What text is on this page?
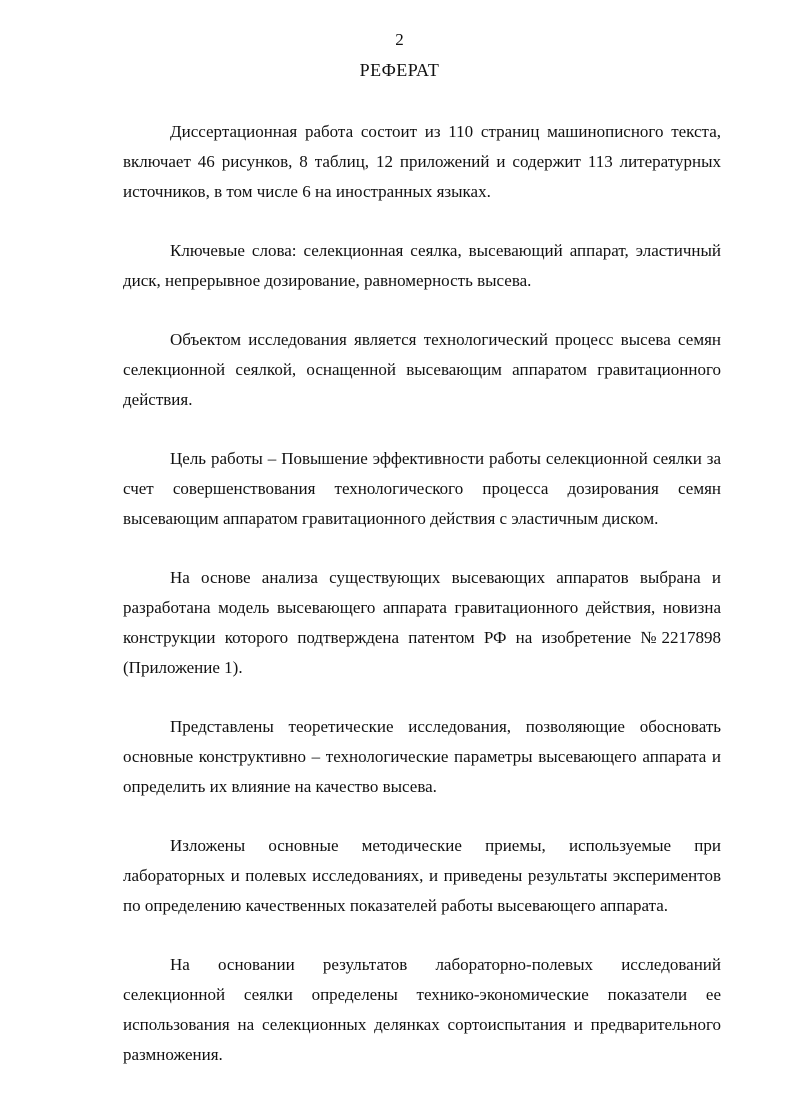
2
РЕФЕРАТ

Диссертационная работа состоит из 110 страниц машинописного текста, включает 46 рисунков, 8 таблиц, 12 приложений и содержит 113 литературных источников, в том числе 6 на иностранных языках.

Ключевые слова: селекционная сеялка, высевающий аппарат, эластичный диск, непрерывное дозирование, равномерность высева.

Объектом исследования является технологический процесс высева семян селекционной сеялкой, оснащенной высевающим аппаратом гравитационного действия.

Цель работы – Повышение эффективности работы селекционной сеялки за счет совершенствования технологического процесса дозирования семян высевающим аппаратом гравитационного действия с эластичным диском.

На основе анализа существующих высевающих аппаратов выбрана и разработана модель высевающего аппарата гравитационного действия, новизна конструкции которого подтверждена патентом РФ на изобретение №2217898 (Приложение 1).

Представлены теоретические исследования, позволяющие обосновать основные конструктивно – технологические параметры высевающего аппарата и определить их влияние на качество высева.

Изложены основные методические приемы, используемые при лабораторных и полевых исследованиях, и приведены результаты экспериментов по определению качественных показателей работы высевающего аппарата.

На основании результатов лабораторно-полевых исследований селекционной сеялки определены технико-экономические показатели ее использования на селекционных делянках сортоиспытания и предварительного размножения.
